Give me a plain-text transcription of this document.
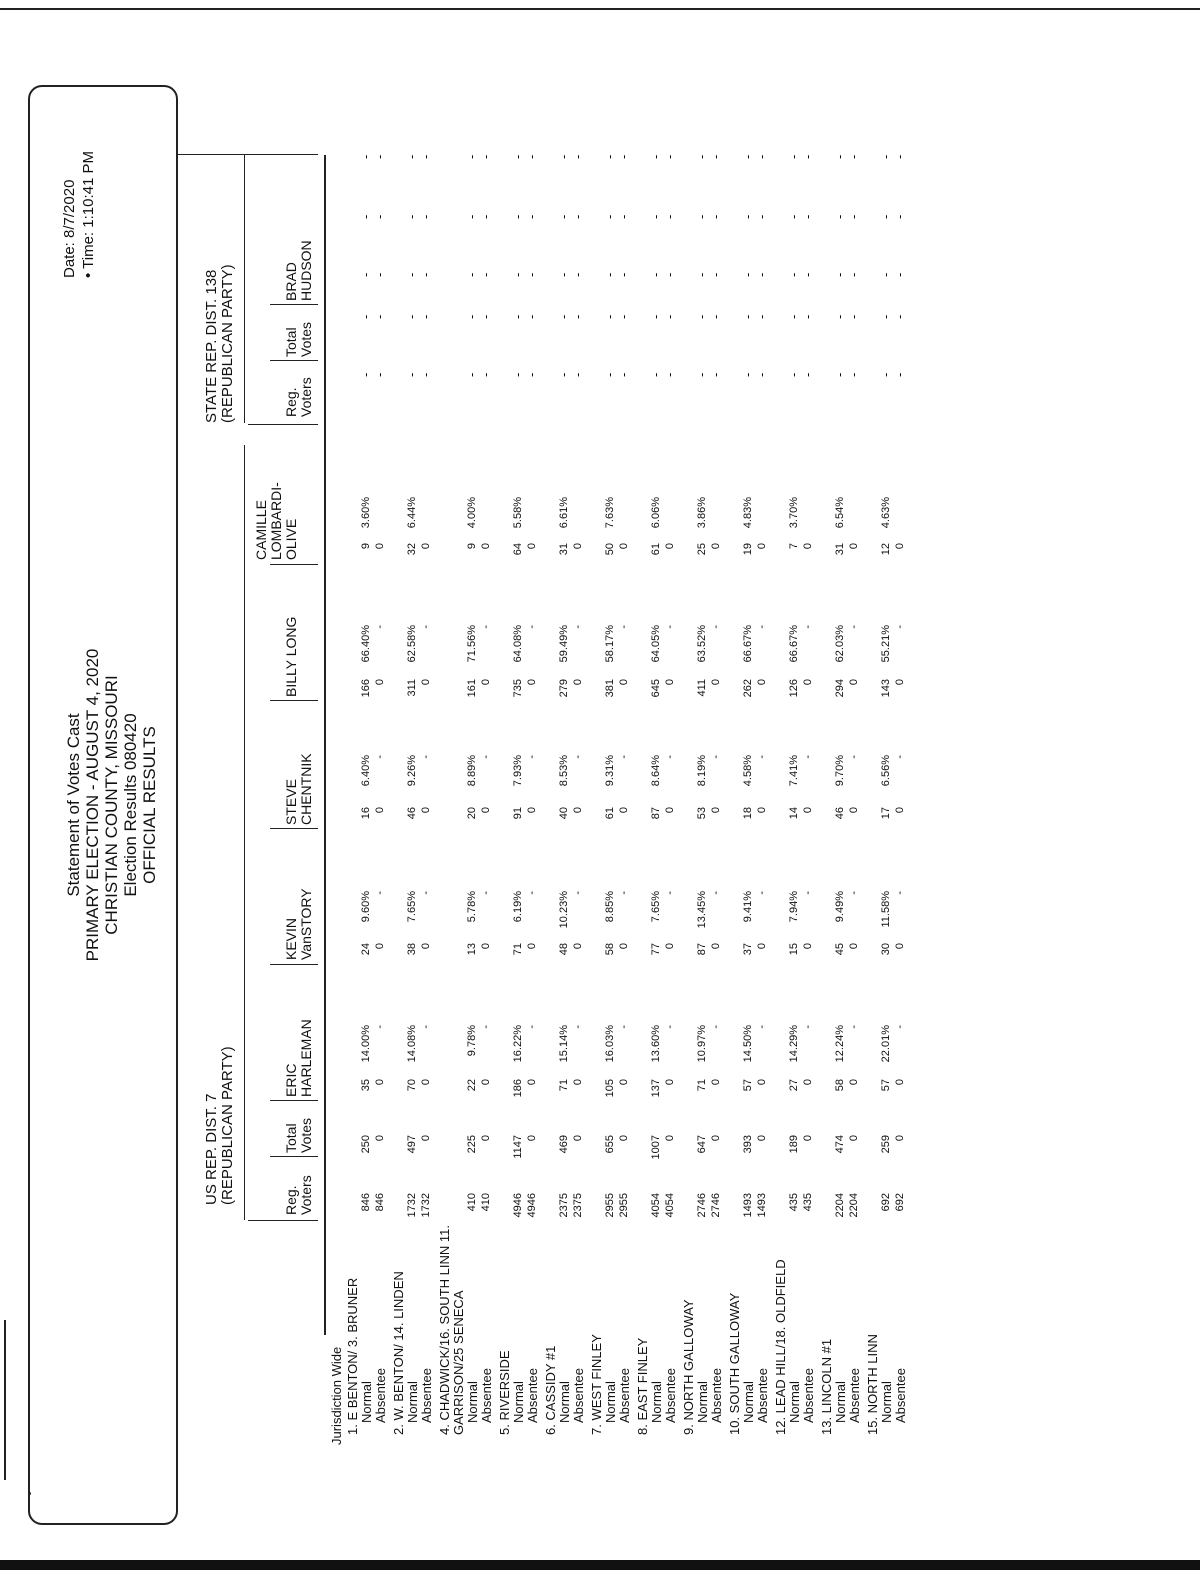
Statement of Votes Cast PRIMARY ELECTION - AUGUST 4, 2020 CHRISTIAN COUNTY, MISSOURI Election Results 080420 OFFICIAL RESULTS
Date: 8/7/2020 • Time: 1:10:41 PM
US REP. DIST. 7 (REPUBLICAN PARTY)
STATE REP. DIST. 138 (REPUBLICAN PARTY)
Reg. Voters
Total Votes
ERIC HARLEMAN
KEVIN VanSTORY
STEVE CHENTNIK
BILLY LONG
CAMILLE LOMBARDI- OLIVE
Reg. Voters
Total Votes
BRAD HUDSON
Jurisdiction Wide 1. E BENTON/ 3. BRUNER Normal Absentee
846 846
250 0
35 0
14.00% -
24 0
9.60% -
16 0
6.40% -
166 0
66.40% -
9 0
3.60%
- -
- -
- -
- -
- -
2. W. BENTON/ 14. LINDEN Normal Absentee
1732 1732
497 0
70 0
14.08% -
38 0
7.65% -
46 0
9.26% -
311 0
62.58% -
32 0
6.44%
- -
- -
- -
- -
- -
4. CHADWICK/16. SOUTH LINN 11. GARRISON/25 SENECA Normal Absentee
410 410
225 0
22 0
9.78% -
13 0
5.78% -
20 0
8.89% -
161 0
71.56% -
9 0
4.00%
- -
- -
- -
- -
- -
5. RIVERSIDE Normal Absentee
4946 4946
1147 0
186 0
16.22% -
71 0
6.19% -
91 0
7.93% -
735 0
64.08% -
64 0
5.58%
- -
- -
- -
- -
- -
6. CASSIDY #1 Normal Absentee
2375 2375
469 0
71 0
15.14% -
48 0
10.23% -
40 0
8.53% -
279 0
59.49% -
31 0
6.61%
- -
- -
- -
- -
- -
7. WEST FINLEY Normal Absentee
2955 2955
655 0
105 0
16.03% -
58 0
8.85% -
61 0
9.31% -
381 0
58.17% -
50 0
7.63%
- -
- -
- -
- -
- -
8. EAST FINLEY Normal Absentee
4054 4054
1007 0
137 0
13.60% -
77 0
7.65% -
87 0
8.64% -
645 0
64.05% -
61 0
6.06%
- -
- -
- -
- -
- -
9. NORTH GALLOWAY Normal Absentee
2746 2746
647 0
71 0
10.97% -
87 0
13.45% -
53 0
8.19% -
411 0
63.52% -
25 0
3.86%
- -
- -
- -
- -
- -
10. SOUTH GALLOWAY Normal Absentee
1493 1493
393 0
57 0
14.50% -
37 0
9.41% -
18 0
4.58% -
262 0
66.67% -
19 0
4.83%
- -
- -
- -
- -
- -
12. LEAD HILL/18. OLDFIELD Normal Absentee
435 435
189 0
27 0
14.29% -
15 0
7.94% -
14 0
7.41% -
126 0
66.67% -
7 0
3.70%
- -
- -
- -
- -
- -
13. LINCOLN #1 Normal Absentee
2204 2204
474 0
58 0
12.24% -
45 0
9.49% -
46 0
9.70% -
294 0
62.03% -
31 0
6.54%
- -
- -
- -
- -
- -
15. NORTH LINN Normal Absentee
692 692
259 0
57 0
22.01% -
30 0
11.58% -
17 0
6.56% -
143 0
55.21% -
12 0
4.63%
- -
- -
- -
- -
- -
